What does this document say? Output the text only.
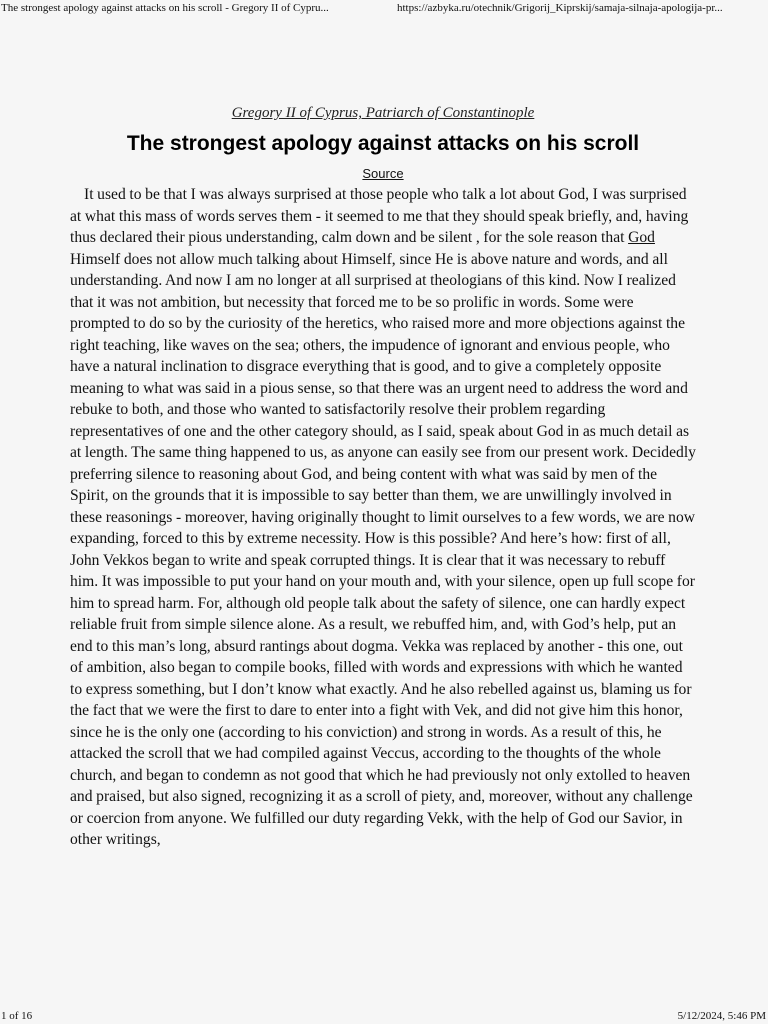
The strongest apology against attacks on his scroll - Gregory II of Cypru...	https://azbyka.ru/otechnik/Grigorij_Kiprskij/samaja-silnaja-apologija-pr...
Gregory II of Cyprus, Patriarch of Constantinople
The strongest apology against attacks on his scroll
Source

It used to be that I was always surprised at those people who talk a lot about God, I was surprised at what this mass of words serves them - it seemed to me that they should speak briefly, and, having thus declared their pious understanding, calm down and be silent , for the sole reason that God Himself does not allow much talking about Himself, since He is above nature and words, and all understanding. And now I am no longer at all surprised at theologians of this kind. Now I realized that it was not ambition, but necessity that forced me to be so prolific in words. Some were prompted to do so by the curiosity of the heretics, who raised more and more objections against the right teaching, like waves on the sea; others, the impudence of ignorant and envious people, who have a natural inclination to disgrace everything that is good, and to give a completely opposite meaning to what was said in a pious sense, so that there was an urgent need to address the word and rebuke to both, and those who wanted to satisfactorily resolve their problem regarding representatives of one and the other category should, as I said, speak about God in as much detail as at length. The same thing happened to us, as anyone can easily see from our present work. Decidedly preferring silence to reasoning about God, and being content with what was said by men of the Spirit, on the grounds that it is impossible to say better than them, we are unwillingly involved in these reasonings - moreover, having originally thought to limit ourselves to a few words, we are now expanding, forced to this by extreme necessity. How is this possible? And here’s how: first of all, John Vekkos began to write and speak corrupted things. It is clear that it was necessary to rebuff him. It was impossible to put your hand on your mouth and, with your silence, open up full scope for him to spread harm. For, although old people talk about the safety of silence, one can hardly expect reliable fruit from simple silence alone. As a result, we rebuffed him, and, with God’s help, put an end to this man’s long, absurd rantings about dogma. Vekka was replaced by another - this one, out of ambition, also began to compile books, filled with words and expressions with which he wanted to express something, but I don’t know what exactly. And he also rebelled against us, blaming us for the fact that we were the first to dare to enter into a fight with Vek, and did not give him this honor, since he is the only one (according to his conviction) and strong in words. As a result of this, he attacked the scroll that we had compiled against Veccus, according to the thoughts of the whole church, and began to condemn as not good that which he had previously not only extolled to heaven and praised, but also signed, recognizing it as a scroll of piety, and, moreover, without any challenge or coercion from anyone. We fulfilled our duty regarding Vekk, with the help of God our Savior, in other writings,

1 of 16	5/12/2024, 5:46 PM
